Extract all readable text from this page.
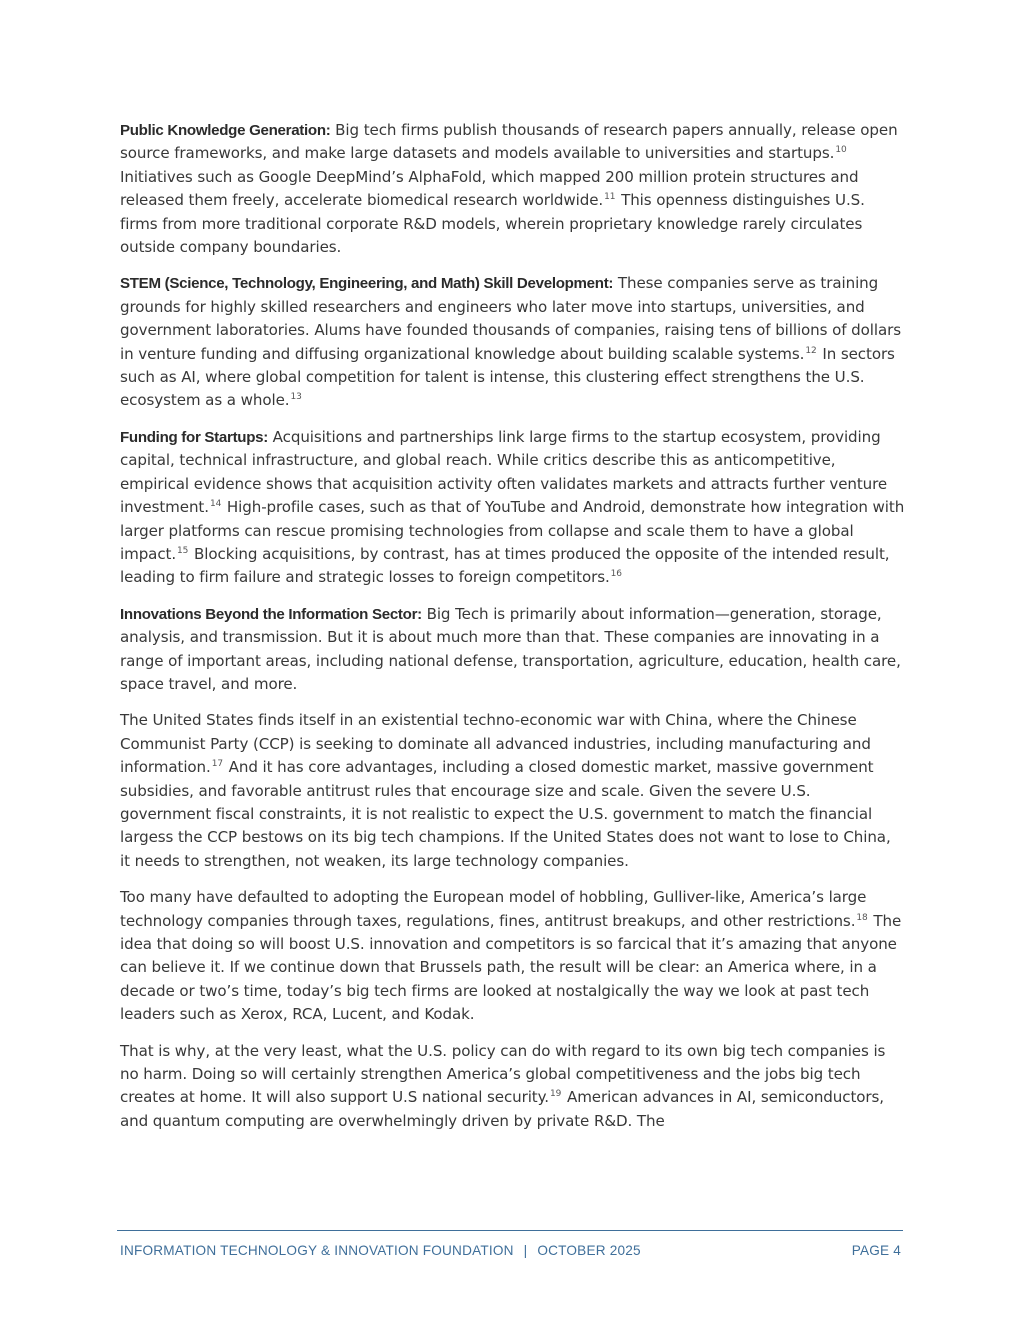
Public Knowledge Generation: Big tech firms publish thousands of research papers annually, release open source frameworks, and make large datasets and models available to universities and startups.$^{10}$ Initiatives such as Google DeepMind’s AlphaFold, which mapped 200 million protein structures and released them freely, accelerate biomedical research worldwide.$^{11}$ This openness distinguishes U.S. firms from more traditional corporate R&D models, wherein proprietary knowledge rarely circulates outside company boundaries.

STEM (Science, Technology, Engineering, and Math) Skill Development: These companies serve as training grounds for highly skilled researchers and engineers who later move into startups, universities, and government laboratories. Alums have founded thousands of companies, raising tens of billions of dollars in venture funding and diffusing organizational knowledge about building scalable systems.$^{12}$ In sectors such as AI, where global competition for talent is intense, this clustering effect strengthens the U.S. ecosystem as a whole.$^{13}$

Funding for Startups: Acquisitions and partnerships link large firms to the startup ecosystem, providing capital, technical infrastructure, and global reach. While critics describe this as anticompetitive, empirical evidence shows that acquisition activity often validates markets and attracts further venture investment.$^{14}$ High-profile cases, such as that of YouTube and Android, demonstrate how integration with larger platforms can rescue promising technologies from collapse and scale them to have a global impact.$^{15}$ Blocking acquisitions, by contrast, has at times produced the opposite of the intended result, leading to firm failure and strategic losses to foreign competitors.$^{16}$

Innovations Beyond the Information Sector: Big Tech is primarily about information—generation, storage, analysis, and transmission. But it is about much more than that. These companies are innovating in a range of important areas, including national defense, transportation, agriculture, education, health care, space travel, and more.

The United States finds itself in an existential techno-economic war with China, where the Chinese Communist Party (CCP) is seeking to dominate all advanced industries, including manufacturing and information.$^{17}$ And it has core advantages, including a closed domestic market, massive government subsidies, and favorable antitrust rules that encourage size and scale. Given the severe U.S. government fiscal constraints, it is not realistic to expect the U.S. government to match the financial largess the CCP bestows on its big tech champions. If the United States does not want to lose to China, it needs to strengthen, not weaken, its large technology companies.

Too many have defaulted to adopting the European model of hobbling, Gulliver-like, America’s large technology companies through taxes, regulations, fines, antitrust breakups, and other restrictions.$^{18}$ The idea that doing so will boost U.S. innovation and competitors is so farcical that it’s amazing that anyone can believe it. If we continue down that Brussels path, the result will be clear: an America where, in a decade or two’s time, today’s big tech firms are looked at nostalgically the way we look at past tech leaders such as Xerox, RCA, Lucent, and Kodak.

That is why, at the very least, what the U.S. policy can do with regard to its own big tech companies is no harm. Doing so will certainly strengthen America’s global competitiveness and the jobs big tech creates at home. It will also support U.S national security.$^{19}$ American advances in AI, semiconductors, and quantum computing are overwhelmingly driven by private R&D. The

INFORMATION TECHNOLOGY & INNOVATION FOUNDATION | OCTOBER 2025	PAGE 4
